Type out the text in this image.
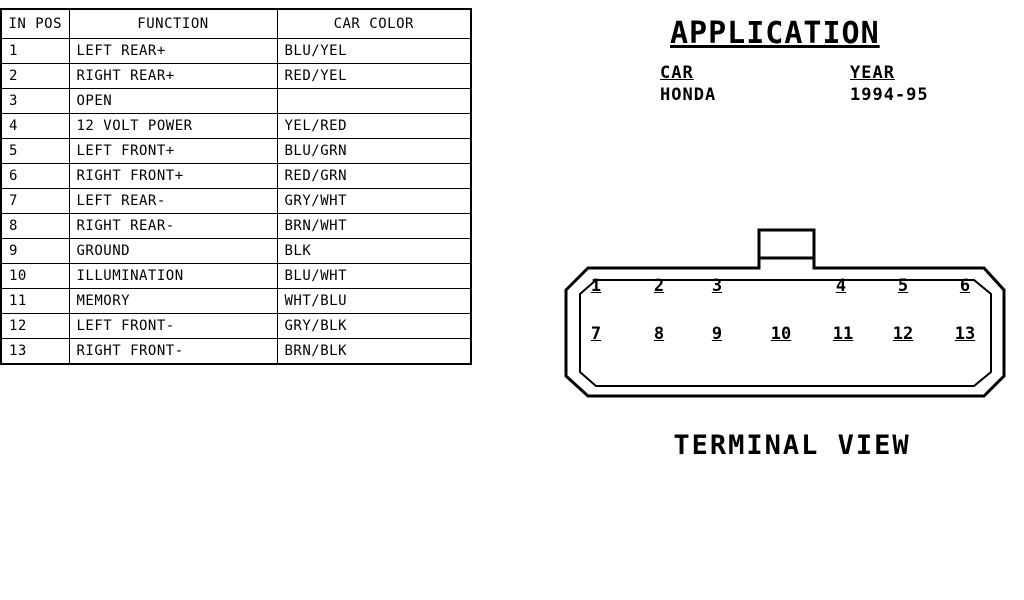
IN POS	FUNCTION	CAR COLOR
1	LEFT REAR+	BLU/YEL
2	RIGHT REAR+	RED/YEL
3	OPEN	
4	12 VOLT POWER	YEL/RED
5	LEFT FRONT+	BLU/GRN
6	RIGHT FRONT+	RED/GRN
7	LEFT REAR-	GRY/WHT
8	RIGHT REAR-	BRN/WHT
9	GROUND	BLK
10	ILLUMINATION	BLU/WHT
11	MEMORY	WHT/BLU
12	LEFT FRONT-	GRY/BLK
13	RIGHT FRONT-	BRN/BLK
APPLICATION
CAR	YEAR
HONDA	1994-95
1	2	3	4	5	6
7	8	9	10 11 12 13
TERMINAL VIEW
